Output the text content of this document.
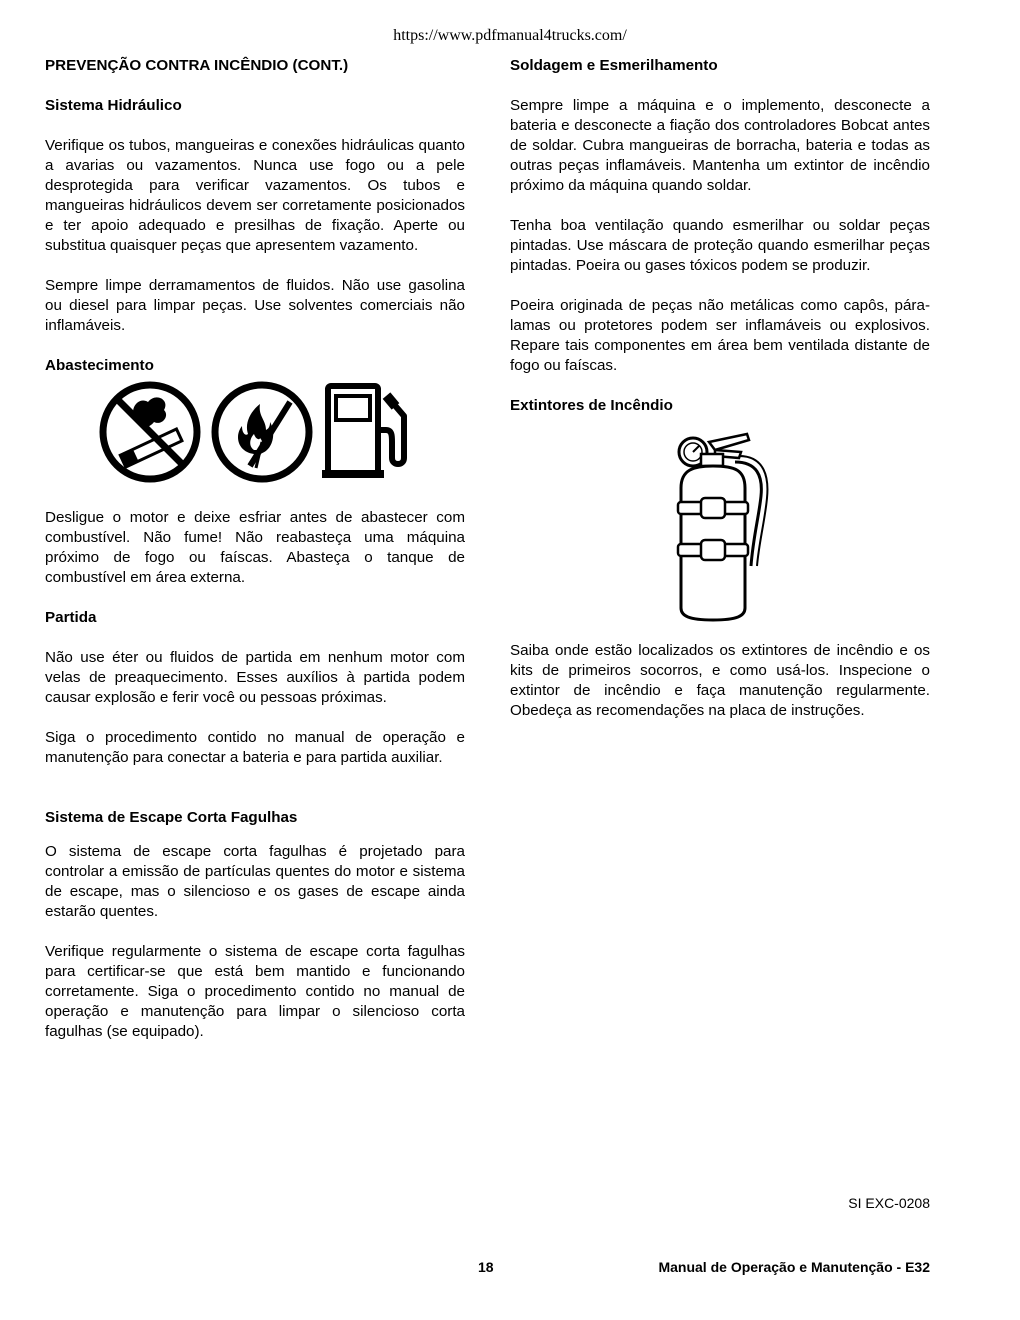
https://www.pdfmanual4trucks.com/
PREVENÇÃO CONTRA INCÊNDIO (CONT.)
Sistema Hidráulico

Verifique os tubos, mangueiras e conexões hidráulicas quanto a avarias ou vazamentos. Nunca use fogo ou a pele desprotegida para verificar vazamentos. Os tubos e mangueiras hidráulicos devem ser corretamente posicionados e ter apoio adequado e presilhas de fixação. Aperte ou substitua quaisquer peças que apresentem vazamento.

Sempre limpe derramamentos de fluidos. Não use gasolina ou diesel para limpar peças. Use solventes comerciais não inflamáveis.

Abastecimento

Desligue o motor e deixe esfriar antes de abastecer com combustível. Não fume! Não reabasteça uma máquina próximo de fogo ou faíscas. Abasteça o tanque de combustível em área externa.

Partida

Não use éter ou fluidos de partida em nenhum motor com velas de preaquecimento. Esses auxílios à partida podem causar explosão e ferir você ou pessoas próximas.

Siga o procedimento contido no manual de operação e manutenção para conectar a bateria e para partida auxiliar.

Sistema de Escape Corta Fagulhas

O sistema de escape corta fagulhas é projetado para controlar a emissão de partículas quentes do motor e sistema de escape, mas o silencioso e os gases de escape ainda estarão quentes.

Verifique regularmente o sistema de escape corta fagulhas para certificar-se que está bem mantido e funcionando corretamente. Siga o procedimento contido no manual de operação e manutenção para limpar o silencioso corta fagulhas (se equipado).

Soldagem e Esmerilhamento

Sempre limpe a máquina e o implemento, desconecte a bateria e desconecte a fiação dos controladores Bobcat antes de soldar. Cubra mangueiras de borracha, bateria e todas as outras peças inflamáveis. Mantenha um extintor de incêndio próximo da máquina quando soldar.

Tenha boa ventilação quando esmerilhar ou soldar peças pintadas. Use máscara de proteção quando esmerilhar peças pintadas. Poeira ou gases tóxicos podem se produzir.

Poeira originada de peças não metálicas como capôs, pára-lamas ou protetores podem ser inflamáveis ou explosivos. Repare tais componentes em área bem ventilada distante de fogo ou faíscas.

Extintores de Incêndio

Saiba onde estão localizados os extintores de incêndio e os kits de primeiros socorros, e como usá-los. Inspecione o extintor de incêndio e faça manutenção regularmente. Obedeça as recomendações na placa de instruções.

SI EXC-0208
18	Manual de Operação e Manutenção - E32
